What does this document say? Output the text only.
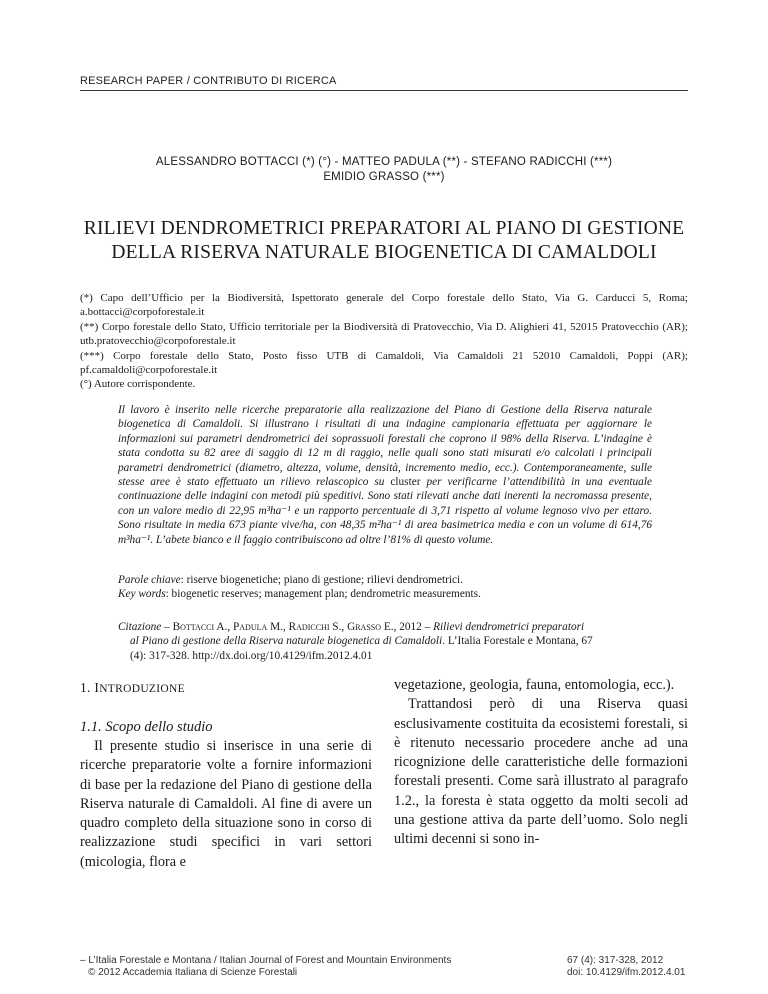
RESEARCH PAPER / CONTRIBUTO DI RICERCA
ALESSANDRO BOTTACCI (*) (°) - MATTEO PADULA (**) - STEFANO RADICCHI (***)
EMIDIO GRASSO (***)
RILIEVI DENDROMETRICI PREPARATORI AL PIANO DI GESTIONE
DELLA RISERVA NATURALE BIOGENETICA DI CAMALDOLI
(*) Capo dell’Ufficio per la Biodiversità, Ispettorato generale del Corpo forestale dello Stato, Via G. Carducci 5, Roma; a.bottacci@corpoforestale.it
(**) Corpo forestale dello Stato, Ufficio territoriale per la Biodiversità di Pratovecchio, Via D. Alighieri 41, 52015 Pratovecchio (AR); utb.pratovecchio@corpoforestale.it
(***) Corpo forestale dello Stato, Posto fisso UTB di Camaldoli, Via Camaldoli 21 52010 Camaldoli, Poppi (AR); pf.camaldoli@corpoforestale.it
(°) Autore corrispondente.
Il lavoro è inserito nelle ricerche preparatorie alla realizzazione del Piano di Gestione della Riserva naturale biogenetica di Camaldoli. Si illustrano i risultati di una indagine campionaria effettuata per aggiornare le informazioni sui parametri dendrometrici dei soprassuoli forestali che coprono il 98% della Riserva. L’indagine è stata condotta su 82 aree di saggio di 12 m di raggio, nelle quali sono stati misurati e/o calcolati i principali parametri dendrometrici (diametro, altezza, volume, densità, incremento medio, ecc.). Contemporaneamente, sulle stesse aree è stato effettuato un rilievo relascopico su cluster per verificarne l’attendibilità in una eventuale continuazione delle indagini con metodi più speditivi. Sono stati rilevati anche dati inerenti la necromassa presente, con un valore medio di 22,95 m³ha⁻¹ e un rapporto percentuale di 3,71 rispetto al volume legnoso vivo per ettaro. Sono risultate in media 673 piante vive/ha, con 48,35 m²ha⁻¹ di area basimetrica media e con un volume di 614,76 m³ha⁻¹. L’abete bianco e il faggio contribuiscono ad oltre l’81% di questo volume.
Parole chiave: riserve biogenetiche; piano di gestione; rilievi dendrometrici.
Key words: biogenetic reserves; management plan; dendrometric measurements.
Citazione – Bottacci A., Padula M., Radicchi S., Grasso E., 2012 – Rilievi dendrometrici preparatori
al Piano di gestione della Riserva naturale biogenetica di Camaldoli. L’Italia Forestale e Montana, 67
(4): 317-328. http://dx.doi.org/10.4129/ifm.2012.4.01
1. INTRODUZIONE
1.1. Scopo dello studio

Il presente studio si inserisce in una serie di ricerche preparatorie volte a fornire informazioni di base per la redazione del Piano di gestione della Riserva naturale di Camaldoli. Al fine di avere un quadro completo della situazione sono in corso di realizzazione studi specifici in vari settori (micologia, flora e

vegetazione, geologia, fauna, entomologia, ecc.).

Trattandosi però di una Riserva quasi esclusivamente costituita da ecosistemi forestali, si è ritenuto necessario procedere anche ad una ricognizione delle caratteristiche delle formazioni forestali presenti. Come sarà illustrato al paragrafo 1.2., la foresta è stata oggetto da molti secoli ad una gestione attiva da parte dell’uomo. Solo negli ultimi decenni si sono in-

– L’Italia Forestale e Montana / Italian Journal of Forest and Mountain Environments
© 2012 Accademia Italiana di Scienze Forestali
67 (4): 317-328, 2012
doi: 10.4129/ifm.2012.4.01
